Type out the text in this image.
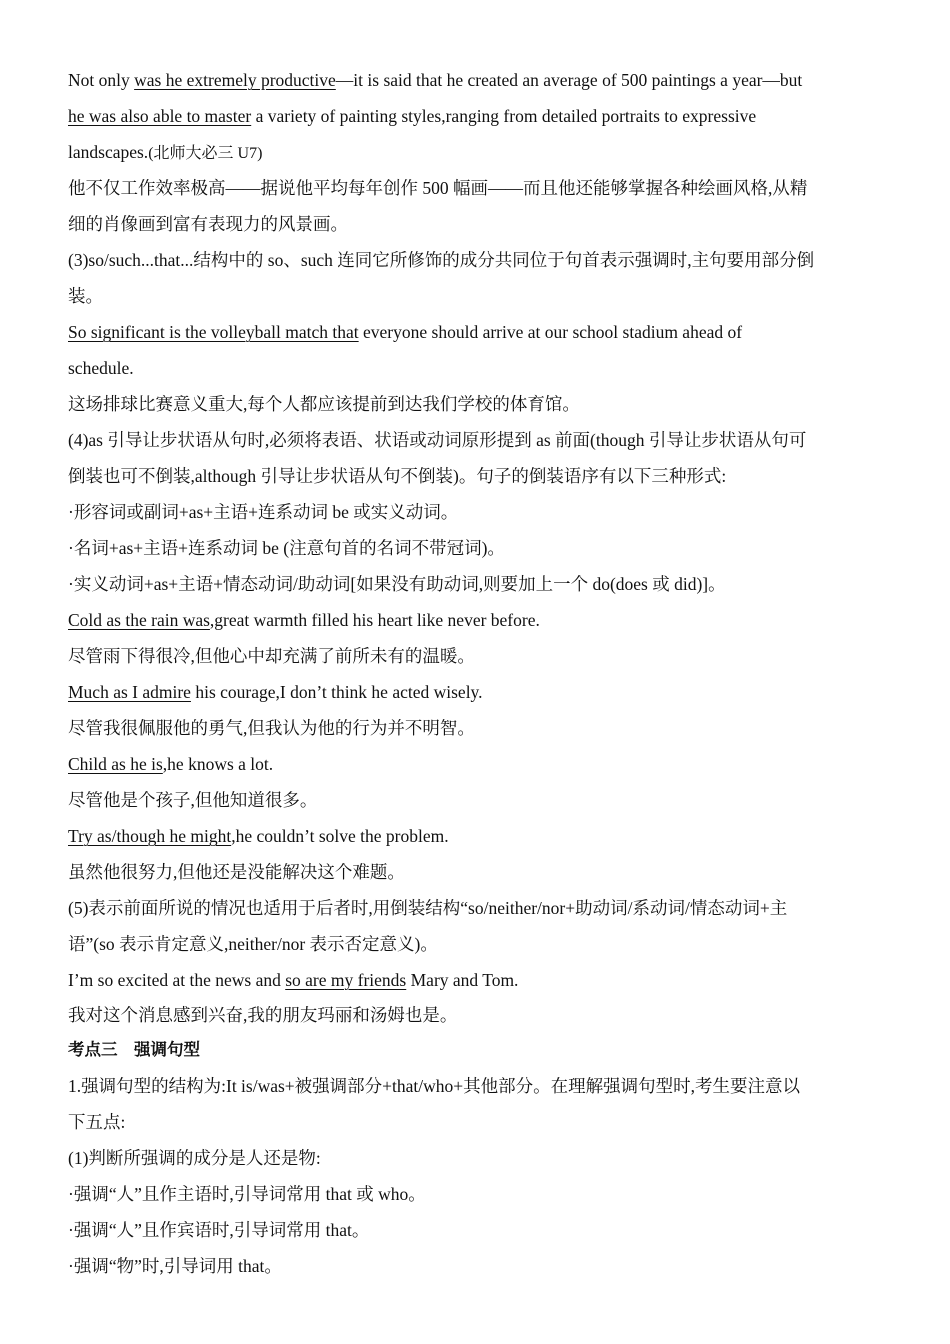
Not only was he extremely productive—it is said that he created an average of 500 paintings a year—but
he was also able to master a variety of painting styles,ranging from detailed portraits to expressive
landscapes.(北师大必三 U7)
他不仅工作效率极高——据说他平均每年创作 500 幅画——而且他还能够掌握各种绘画风格,从精
细的肖像画到富有表现力的风景画。
(3)so/such...that...结构中的 so、such 连同它所修饰的成分共同位于句首表示强调时,主句要用部分倒
装。
So significant is the volleyball match that everyone should arrive at our school stadium ahead of
schedule.
这场排球比赛意义重大,每个人都应该提前到达我们学校的体育馆。
(4)as 引导让步状语从句时,必须将表语、状语或动词原形提到 as 前面(though 引导让步状语从句可
倒装也可不倒装,although 引导让步状语从句不倒装)。句子的倒装语序有以下三种形式:
·形容词或副词+as+主语+连系动词 be 或实义动词。
·名词+as+主语+连系动词 be (注意句首的名词不带冠词)。
·实义动词+as+主语+情态动词/助动词[如果没有助动词,则要加上一个 do(does 或 did)]。
Cold as the rain was,great warmth filled his heart like never before.
尽管雨下得很冷,但他心中却充满了前所未有的温暖。
Much as I admire his courage,I don’t think he acted wisely.
尽管我很佩服他的勇气,但我认为他的行为并不明智。
Child as he is,he knows a lot.
尽管他是个孩子,但他知道很多。
Try as/though he might,he couldn’t solve the problem.
虽然他很努力,但他还是没能解决这个难题。
(5)表示前面所说的情况也适用于后者时,用倒装结构“so/neither/nor+助动词/系动词/情态动词+主
语”(so 表示肯定意义,neither/nor 表示否定意义)。
I’m so excited at the news and so are my friends Mary and Tom.
我对这个消息感到兴奋,我的朋友玛丽和汤姆也是。
考点三　强调句型
1.强调句型的结构为:It is/was+被强调部分+that/who+其他部分。在理解强调句型时,考生要注意以
下五点:
(1)判断所强调的成分是人还是物:
·强调“人”且作主语时,引导词常用 that 或 who。
·强调“人”且作宾语时,引导词常用 that。
·强调“物”时,引导词用 that。
